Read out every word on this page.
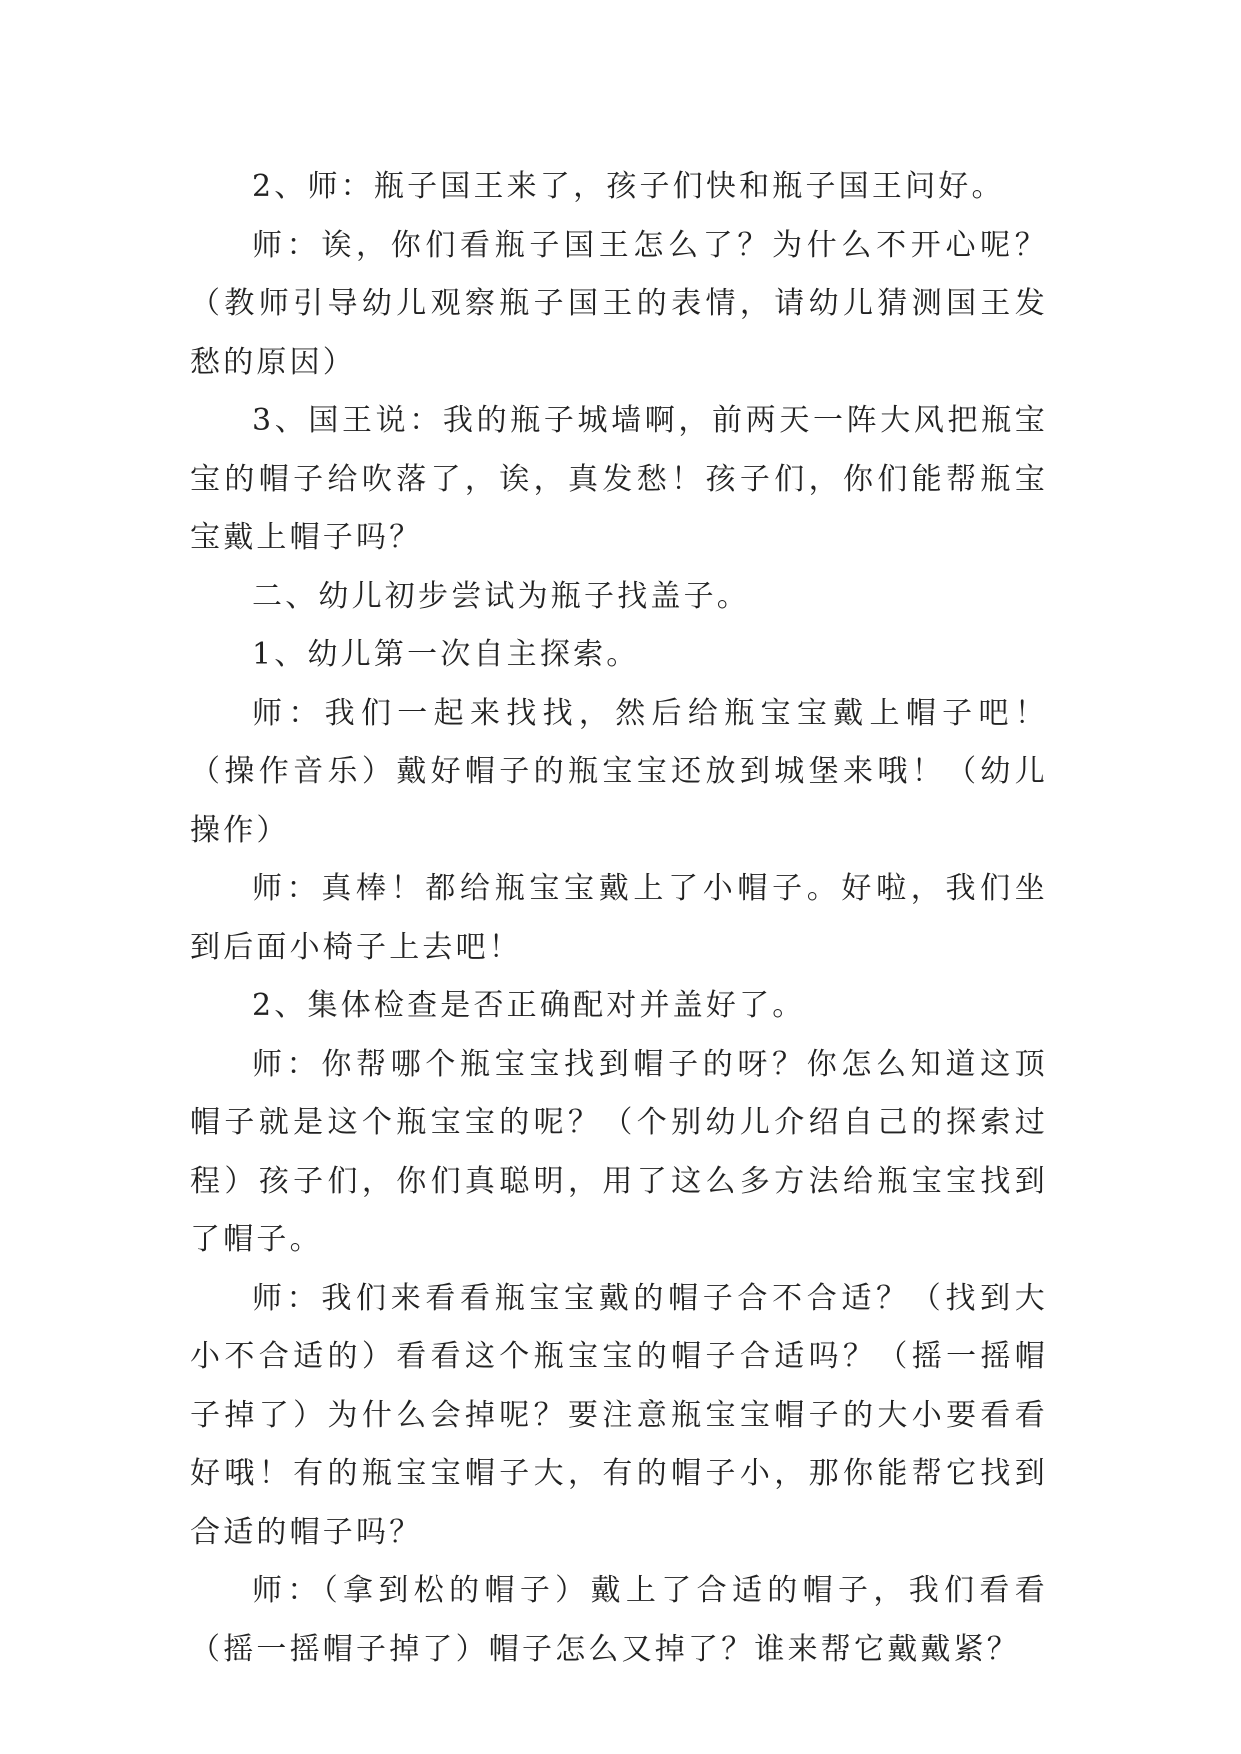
2、师：瓶子国王来了，孩子们快和瓶子国王问好。

师：诶，你们看瓶子国王怎么了？为什么不开心呢？（教师引导幼儿观察瓶子国王的表情，请幼儿猜测国王发愁的原因）

3、国王说：我的瓶子城墙啊，前两天一阵大风把瓶宝宝的帽子给吹落了，诶，真发愁！孩子们，你们能帮瓶宝宝戴上帽子吗？

二、幼儿初步尝试为瓶子找盖子。

1、幼儿第一次自主探索。

师：我们一起来找找，然后给瓶宝宝戴上帽子吧！（操作音乐）戴好帽子的瓶宝宝还放到城堡来哦！（幼儿操作）

师：真棒！都给瓶宝宝戴上了小帽子。好啦，我们坐到后面小椅子上去吧！

2、集体检查是否正确配对并盖好了。

师：你帮哪个瓶宝宝找到帽子的呀？你怎么知道这顶帽子就是这个瓶宝宝的呢？（个别幼儿介绍自己的探索过程）孩子们，你们真聪明，用了这么多方法给瓶宝宝找到了帽子。

师：我们来看看瓶宝宝戴的帽子合不合适？（找到大小不合适的）看看这个瓶宝宝的帽子合适吗？（摇一摇帽子掉了）为什么会掉呢？要注意瓶宝宝帽子的大小要看看好哦！有的瓶宝宝帽子大，有的帽子小，那你能帮它找到合适的帽子吗？

师：（拿到松的帽子）戴上了合适的帽子，我们看看（摇一摇帽子掉了）帽子怎么又掉了？谁来帮它戴戴紧？
